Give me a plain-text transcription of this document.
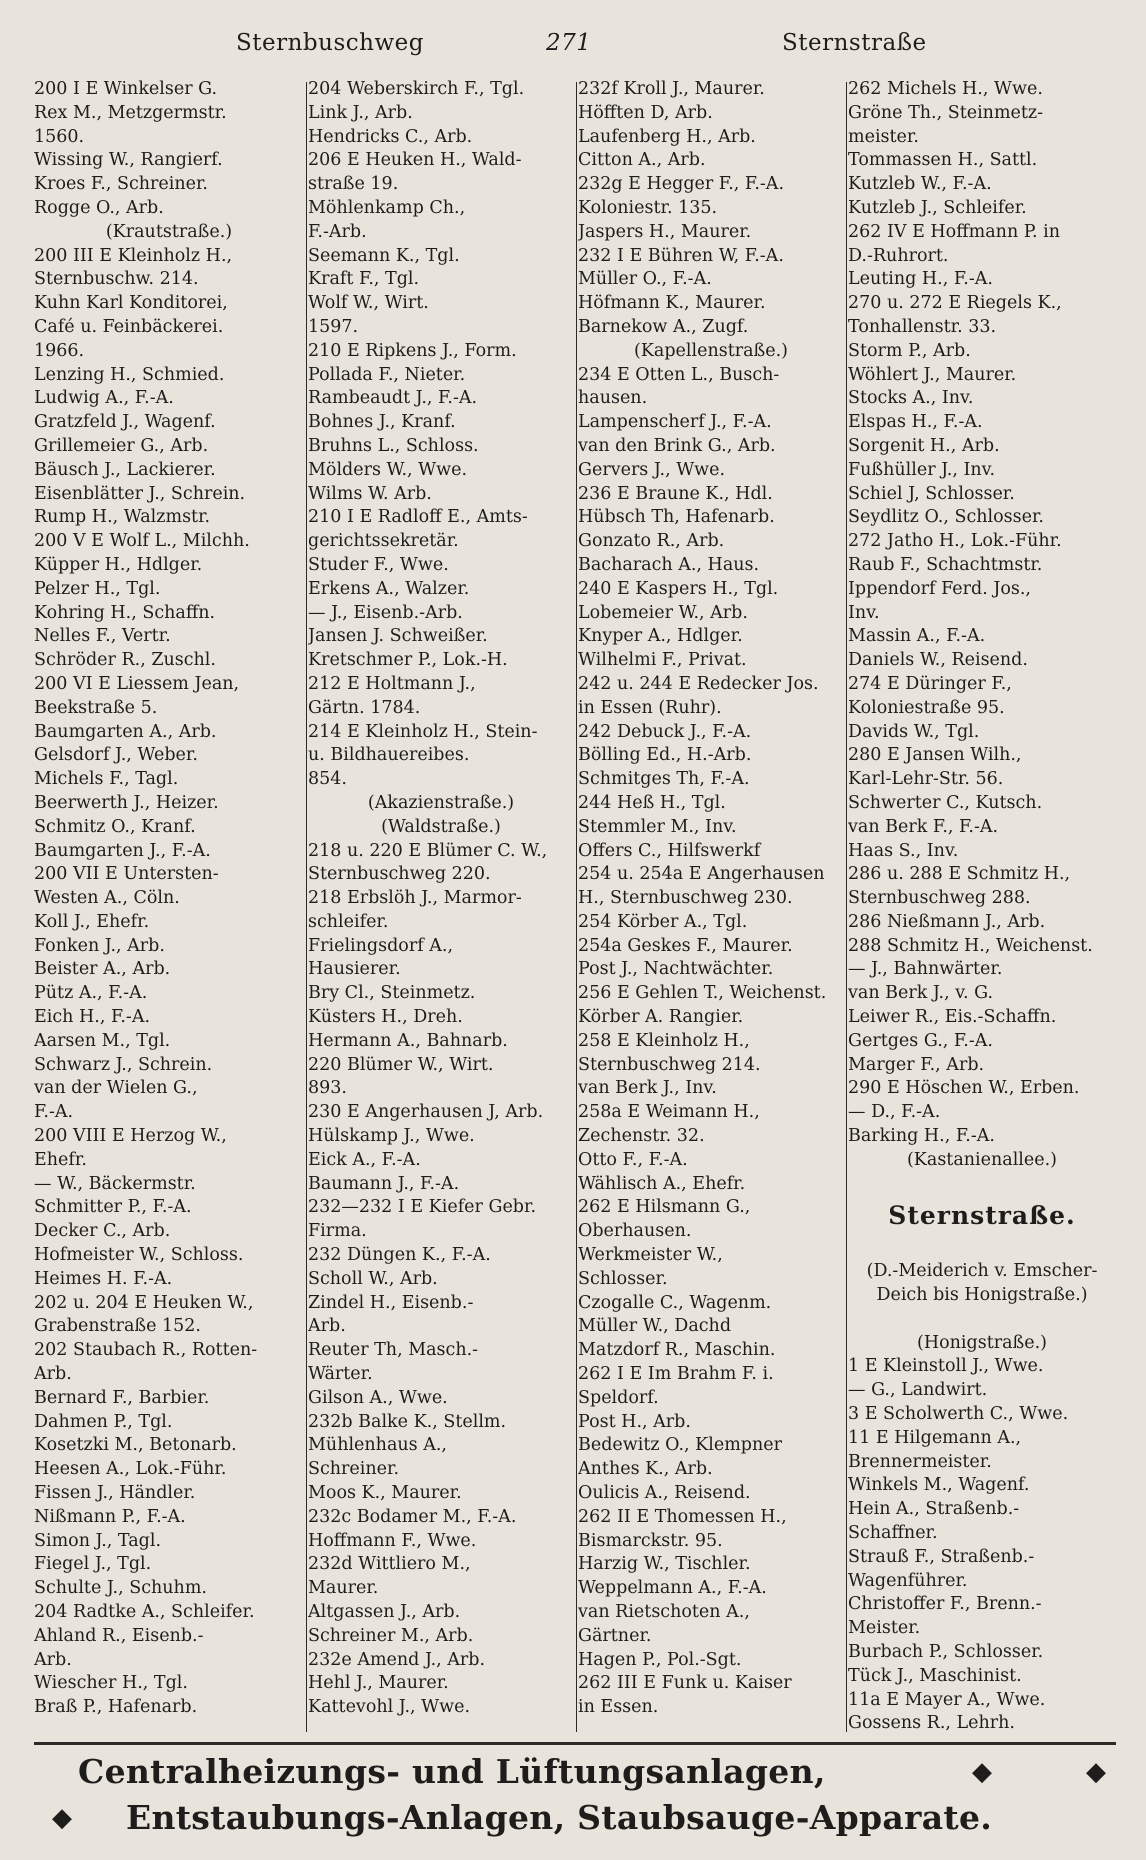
Sternbuschweg	271	Sternstraße
200 I E Winkelser G.
Rex M., Metzgermstr.
1560.
Wissing W., Rangierf.
Kroes F., Schreiner.
Rogge O., Arb.
(Krautstraße.)
200 III E Kleinholz H.,
Sternbuschw. 214.
Kuhn Karl Konditorei,
Café u. Feinbäckerei.
1966.
Lenzing H., Schmied.
Ludwig A., F.-A.
Gratzfeld J., Wagenf.
Grillemeier G., Arb.
Bäusch J., Lackierer.
Eisenblätter J., Schrein.
Rump H., Walzmstr.
200 V E Wolf L., Milchh.
Küpper H., Hdlger.
Pelzer H., Tgl.
Kohring H., Schaffn.
Nelles F., Vertr.
Schröder R., Zuschl.
200 VI E Liessem Jean,
Beekstraße 5.
Baumgarten A., Arb.
Gelsdorf J., Weber.
Michels F., Tagl.
Beerwerth J., Heizer.
Schmitz O., Kranf.
Baumgarten J., F.-A.
200 VII E Untersten-
Westen A., Cöln.
Koll J., Ehefr.
Fonken J., Arb.
Beister A., Arb.
Pütz A., F.-A.
Eich H., F.-A.
Aarsen M., Tgl.
Schwarz J., Schrein.
van der Wielen G.,
F.-A.
200 VIII E Herzog W.,
Ehefr.
— W., Bäckermstr.
Schmitter P., F.-A.
Decker C., Arb.
Hofmeister W., Schloss.
Heimes H. F.-A.
202 u. 204 E Heuken W.,
Grabenstraße 152.
202 Staubach R., Rotten-
Arb.
Bernard F., Barbier.
Dahmen P., Tgl.
Kosetzki M., Betonarb.
Heesen A., Lok.-Führ.
Fissen J., Händler.
Nißmann P., F.-A.
Simon J., Tagl.
Fiegel J., Tgl.
Schulte J., Schuhm.
204 Radtke A., Schleifer.
Ahland R., Eisenb.-
Arb.
Wiescher H., Tgl.
Braß P., Hafenarb.
204 Weberskirch F., Tgl.
Link J., Arb.
Hendricks C., Arb.
206 E Heuken H., Wald-
straße 19.
Möhlenkamp Ch.,
F.-Arb.
Seemann K., Tgl.
Kraft F., Tgl.
Wolf W., Wirt.
1597.
210 E Ripkens J., Form.
Pollada F., Nieter.
Rambeaudt J., F.-A.
Bohnes J., Kranf.
Bruhns L., Schloss.
Mölders W., Wwe.
Wilms W. Arb.
210 I E Radloff E., Amts-
gerichtssekretär.
Studer F., Wwe.
Erkens A., Walzer.
— J., Eisenb.-Arb.
Jansen J. Schweißer.
Kretschmer P., Lok.-H.
212 E Holtmann J.,
Gärtn. 1784.
214 E Kleinholz H., Stein-
u. Bildhauereibes.
854.
(Akazienstraße.)
(Waldstraße.)
218 u. 220 E Blümer C. W.,
Sternbuschweg 220.
218 Erbslöh J., Marmor-
schleifer.
Frielingsdorf A.,
Hausierer.
Bry Cl., Steinmetz.
Küsters H., Dreh.
Hermann A., Bahnarb.
220 Blümer W., Wirt.
893.
230 E Angerhausen J, Arb.
Hülskamp J., Wwe.
Eick A., F.-A.
Baumann J., F.-A.
232—232 I E Kiefer Gebr.
Firma.
232 Düngen K., F.-A.
Scholl W., Arb.
Zindel H., Eisenb.-
Arb.
Reuter Th, Masch.-
Wärter.
Gilson A., Wwe.
232b Balke K., Stellm.
Mühlenhaus A.,
Schreiner.
Moos K., Maurer.
232c Bodamer M., F.-A.
Hoffmann F., Wwe.
232d Wittliero M.,
Maurer.
Altgassen J., Arb.
Schreiner M., Arb.
232e Amend J., Arb.
Hehl J., Maurer.
Kattevohl J., Wwe.
232f Kroll J., Maurer.
Höfften D, Arb.
Laufenberg H., Arb.
Citton A., Arb.
232g E Hegger F., F.-A.
Koloniestr. 135.
Jaspers H., Maurer.
232 I E Bühren W, F.-A.
Müller O., F.-A.
Höfmann K., Maurer.
Barnekow A., Zugf.
(Kapellenstraße.)
234 E Otten L., Busch-
hausen.
Lampenscherf J., F.-A.
van den Brink G., Arb.
Gervers J., Wwe.
236 E Braune K., Hdl.
Hübsch Th, Hafenarb.
Gonzato R., Arb.
Bacharach A., Haus.
240 E Kaspers H., Tgl.
Lobemeier W., Arb.
Knyper A., Hdlger.
Wilhelmi F., Privat.
242 u. 244 E Redecker Jos.
in Essen (Ruhr).
242 Debuck J., F.-A.
Bölling Ed., H.-Arb.
Schmitges Th, F.-A.
244 Heß H., Tgl.
Stemmler M., Inv.
Offers C., Hilfswerkf
254 u. 254a E Angerhausen
H., Sternbuschweg 230.
254 Körber A., Tgl.
254a Geskes F., Maurer.
Post J., Nachtwächter.
256 E Gehlen T., Weichenst.
Körber A. Rangier.
258 E Kleinholz H.,
Sternbuschweg 214.
van Berk J., Inv.
258a E Weimann H.,
Zechenstr. 32.
Otto F., F.-A.
Wählisch A., Ehefr.
262 E Hilsmann G.,
Oberhausen.
Werkmeister W.,
Schlosser.
Czogalle C., Wagenm.
Müller W., Dachd
Matzdorf R., Maschin.
262 I E Im Brahm F. i.
Speldorf.
Post H., Arb.
Bedewitz O., Klempner
Anthes K., Arb.
Oulicis A., Reisend.
262 II E Thomessen H.,
Bismarckstr. 95.
Harzig W., Tischler.
Weppelmann A., F.-A.
van Rietschoten A.,
Gärtner.
Hagen P., Pol.-Sgt.
262 III E Funk u. Kaiser
in Essen.
262 Michels H., Wwe.
Gröne Th., Steinmetz-
meister.
Tommassen H., Sattl.
Kutzleb W., F.-A.
Kutzleb J., Schleifer.
262 IV E Hoffmann P. in
D.-Ruhrort.
Leuting H., F.-A.
270 u. 272 E Riegels K.,
Tonhallenstr. 33.
Storm P., Arb.
Wöhlert J., Maurer.
Stocks A., Inv.
Elspas H., F.-A.
Sorgenit H., Arb.
Fußhüller J., Inv.
Schiel J, Schlosser.
Seydlitz O., Schlosser.
272 Jatho H., Lok.-Führ.
Raub F., Schachtmstr.
Ippendorf Ferd. Jos.,
Inv.
Massin A., F.-A.
Daniels W., Reisend.
274 E Düringer F.,
Koloniestraße 95.
Davids W., Tgl.
280 E Jansen Wilh.,
Karl-Lehr-Str. 56.
Schwerter C., Kutsch.
van Berk F., F.-A.
Haas S., Inv.
286 u. 288 E Schmitz H.,
Sternbuschweg 288.
286 Nießmann J., Arb.
288 Schmitz H., Weichenst.
— J., Bahnwärter.
van Berk J., v. G.
Leiwer R., Eis.-Schaffn.
Gertges G., F.-A.
Marger F., Arb.
290 E Höschen W., Erben.
— D., F.-A.
Barking H., F.-A.
(Kastanienallee.)
Sternstraße.
(D.-Meiderich v. Emscher-
Deich bis Honigstraße.)
(Honigstraße.)
1 E Kleinstoll J., Wwe.
— G., Landwirt.
3 E Scholwerth C., Wwe.
11 E Hilgemann A.,
Brennermeister.
Winkels M., Wagenf.
Hein A., Straßenb.-
Schaffner.
Strauß F., Straßenb.-
Wagenführer.
Christoffer F., Brenn.-
Meister.
Burbach P., Schlosser.
Tück J., Maschinist.
11a E Mayer A., Wwe.
Gossens R., Lehrh.
Centralheizungs- und Lüftungsanlagen,	◆	◆
◆ Entstaubungs-Anlagen, Staubsauge-Apparate.
